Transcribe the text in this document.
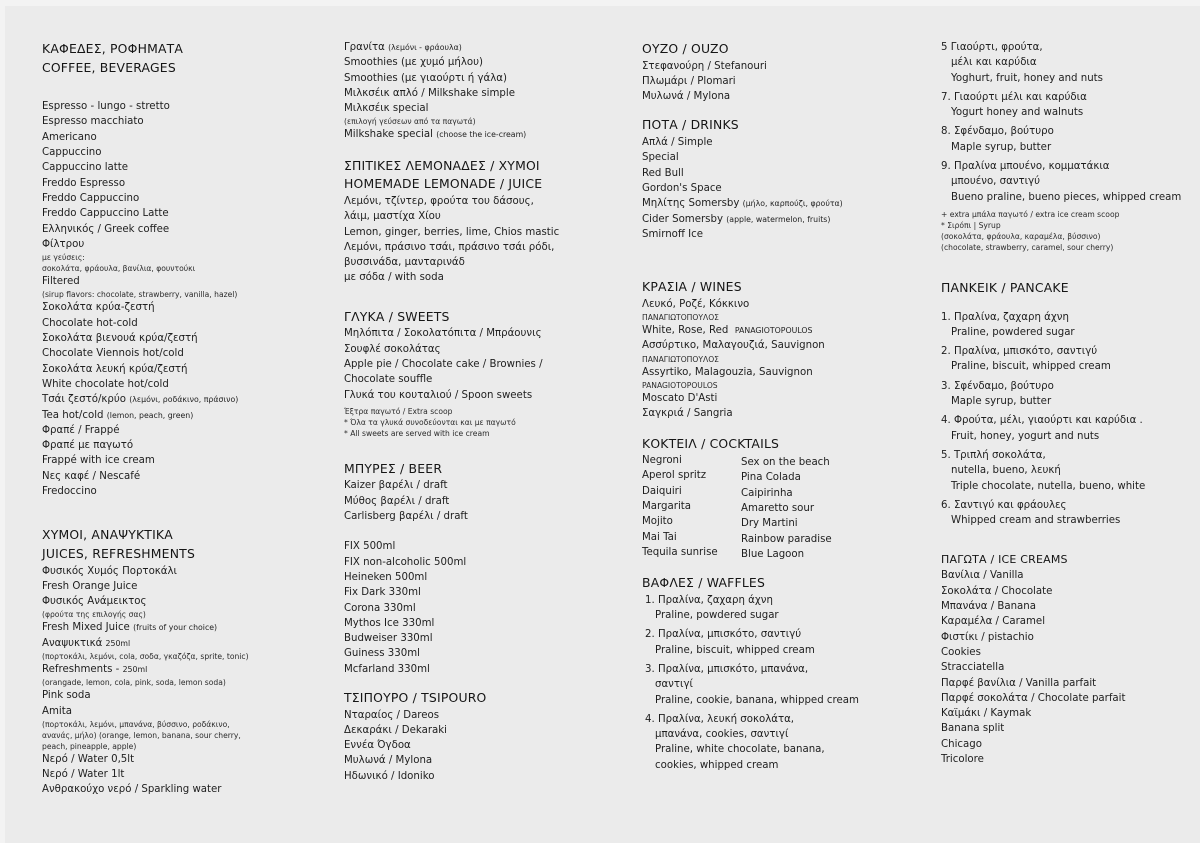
ΚΑΦΕΔΕΣ, ΡΟΦΗΜΑΤΑ
COFFEE, BEVERAGES
Espresso - lungo - stretto
Espresso macchiato
Americano
Cappuccino
Cappuccino latte
Freddo Espresso
Freddo Cappuccino
Freddo Cappuccino Latte
Ελληνικός / Greek coffee
Φίλτρου
με γεύσεις:
σοκολάτα, φράουλα, βανίλια, φουντούκι
Filtered
(sirup flavors: chocolate, strawberry, vanilla, hazel)
Σοκολάτα κρύα-ζεστή
Chocolate hot-cold
Σοκολάτα βιενουά κρύα/ζεστή
Chocolate Viennois hot/cold
Σοκολάτα λευκή κρύα/ζεστή
White chocolate hot/cold
Τσάι ζεστό/κρύο (λεμόνι, ροδάκινο, πράσινο)
Tea hot/cold (lemon, peach, green)
Φραπέ / Frappé
Φραπέ με παγωτό
Frappé with ice cream
Νες καφέ / Nescafé
Fredoccino
ΧΥΜΟΙ, ΑΝΑΨΥΚΤΙΚΑ
JUICES, REFRESHMENTS
Φυσικός Χυμός Πορτοκάλι
Fresh Orange Juice
Φυσικός Ανάμεικτος
(φρούτα της επιλογής σας)
Fresh Mixed Juice (fruits of your choice)
Αναψυκτικά 250ml
(πορτοκάλι, λεμόνι, cola, σοδα, γκαζόζα, sprite, tonic)
Refreshments - 250ml
(orangade, lemon, cola, pink, soda, lemon soda)
Pink soda
Amita
(πορτοκάλι, λεμόνι, μπανάνα, βύσσινο, ροδάκινο,
ανανάς, μήλο) (orange, lemon, banana, sour cherry,
peach, pineapple, apple)
Νερό / Water 0,5lt
Νερό / Water 1lt
Ανθρακούχο νερό / Sparkling water
Γρανίτα (λεμόνι - φράουλα)
Smoothies (με χυμό μήλου)
Smoothies (με γιαούρτι ή γάλα)
Μιλκσέικ απλό / Milkshake simple
Μιλκσέικ special
(επιλογή γεύσεων από τα παγωτά)
Milkshake special (choose the ice-cream)
ΣΠΙΤΙΚΕΣ ΛΕΜΟΝΑΔΕΣ / ΧΥΜΟΙ
HOMEMADE LEMONADE / JUICE
Λεμόνι, τζίντερ, φρούτα του δάσους,
λάιμ, μαστίχα Χίου
Lemon, ginger, berries, lime, Chios mastic
Λεμόνι, πράσινο τσάι, πράσινο τσάι ρόδι,
βυσσινάδα, μανταρινάδ
με σόδα / with soda
ΓΛΥΚΑ / SWEETS
Μηλόπιτα / Σοκολατόπιτα / Μπράουνις
Σουφλέ σοκολάτας
Apple pie / Chocolate cake / Brownies /
Chocolate souffle
Γλυκά του κουταλιού / Spoon sweets
Έξτρα παγωτό / Extra scoop
* Όλα τα γλυκά συνοδεύονται και με παγωτό
* All sweets are served with ice cream
ΜΠΥΡΕΣ / BEER
Kaizer βαρέλι / draft
Μύθος βαρέλι / draft
Carlisberg βαρέλι / draft
FIX 500ml
FIX non-alcoholic 500ml
Heineken 500ml
Fix Dark 330ml
Corona 330ml
Mythos Ice 330ml
Budweiser 330ml
Guiness 330ml
Mcfarland 330ml
ΤΣΙΠΟΥΡΟ / TSIPOURO
Νταραίος / Dareos
Δεκαράκι / Dekaraki
Εννέα Όγδοα
Μυλωνά / Mylona
Ηδωνικό / Idoniko
ΟΥΖΟ / OUZO
Στεφανούρη / Stefanouri
Πλωμάρι / Plomari
Μυλωνά / Mylona
ΠΟΤΑ / DRINKS
Απλά / Simple
Special
Red Bull
Gordon's Space
Μηλίτης Somersby (μήλο, καρπούζι, φρούτα)
Cider Somersby (apple, watermelon, fruits)
Smirnoff Ice
ΚΡΑΣΙΑ / WINES
Λευκό, Ροζέ, Κόκκινο
ΠΑΝΑΓΙΩΤΟΠΟΥΛΟΣ
White, Rose, Red PANAGIOTOPOULOS
Ασσύρτικο, Μαλαγουζιά, Sauvignon
ΠΑΝΑΓΙΩΤΟΠΟΥΛΟΣ
Assyrtiko, Malagouzia, Sauvignon
PANAGIOTOPOULOS
Moscato D'Asti
Σαγκριά / Sangria
ΚΟΚΤΕΙΛ / COCKTAILS
Negroni
Aperol spritz
Daiquiri
Margarita
Mojito
Mai Tai
Tequila sunrise
Sex on the beach
Pina Colada
Caipirinha
Amaretto sour
Dry Martini
Rainbow paradise
Blue Lagoon
ΒΑΦΛΕΣ / WAFFLES
1. Πραλίνα, ζαχαρη άχνη
Praline, powdered sugar
2. Πραλίνα, μπισκότο, σαντιγύ
Praline, biscuit, whipped cream
3. Πραλίνα, μπισκότο, μπανάνα,
σαντιγί
Praline, cookie, banana, whipped cream
4. Πραλίνα, λευκή σοκολάτα,
μπανάνα, cookies, σαντιγί
Praline, white chocolate, banana,
cookies, whipped cream
5 Γιαούρτι, φρούτα,
μέλι και καρύδια
Yoghurt, fruit, honey and nuts
7. Γιαούρτι μέλι και καρύδια
Yogurt honey and walnuts
8. Σφένδαμο, βούτυρο
Maple syrup, butter
9. Πραλίνα μπουένο, κομματάκια
μπουένο, σαντιγύ
Bueno praline, bueno pieces, whipped cream
+ extra μπάλα παγωτό / extra ice cream scoop
* Σιρόπι | Syrup
(σοκολάτα, φράουλα, καραμέλα, βύσσινο)
(chocolate, strawberry, caramel, sour cherry)
ΠΑΝΚΕΙΚ / PANCAKE
1. Πραλίνα, ζαχαρη άχνη
Praline, powdered sugar
2. Πραλίνα, μπισκότο, σαντιγύ
Praline, biscuit, whipped cream
3. Σφένδαμο, βούτυρο
Maple syrup, butter
4. Φρούτα, μέλι, γιαούρτι και καρύδια .
Fruit, honey, yogurt and nuts
5. Τριπλή σοκολάτα,
nutella, bueno, λευκή
Triple chocolate, nutella, bueno, white
6. Σαντιγύ και φράουλες
Whipped cream and strawberries
ΠΑΓΩΤΑ / ICE CREAMS
Βανίλια / Vanilla
Σοκολάτα / Chocolate
Μπανάνα / Banana
Καραμέλα / Caramel
Φιστίκι / pistachio
Cookies
Stracciatella
Παρφέ βανίλια / Vanilla parfait
Παρφέ σοκολάτα / Chocolate parfait
Καϊμάκι / Kaymak
Banana split
Chicago
Tricolore
